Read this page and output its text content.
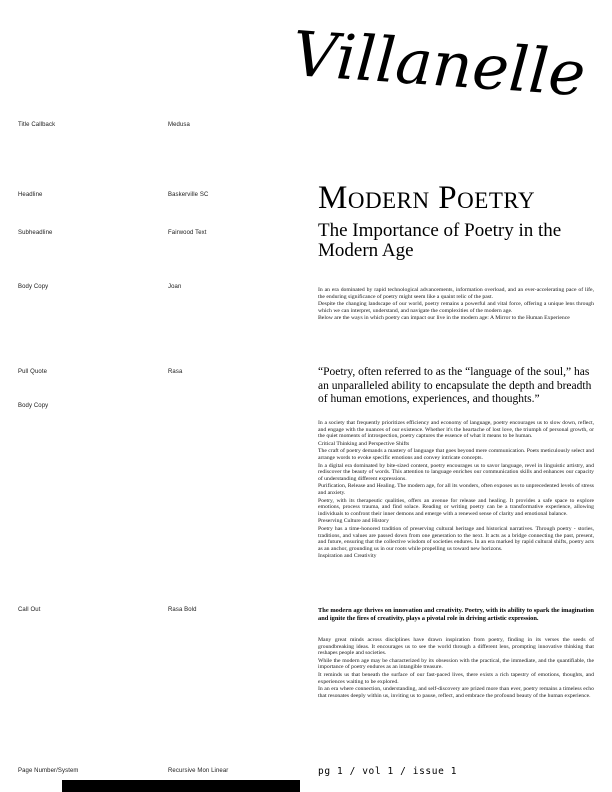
Villanelle
Title Callback	Medusa
Headline	Baskerville SC
Subheadline	Fairwood Text
Body Copy	Joan
Pull Quote	Rasa
Body Copy
Call Out	Rasa Bold
Page Number/System	Recursive Mon Linear
Modern Poetry
The Importance of Poetry in the Modern Age

In an era dominated by rapid technological advancements, information overload, and an ever-accelerating pace of life, the enduring significance of poetry might seem like a quaint relic of the past.

Despite the changing landscape of our world, poetry remains a powerful and vital force, offering a unique lens through which we can interpret, understand, and navigate the complexities of the modern age.

Below are the ways in which poetry can impact our live in the modern age: A Mirror to the Human Experience

“Poetry, often referred to as the “language of the soul,” has an unparalleled ability to encapsulate the depth and breadth of human emotions, experiences, and thoughts.”

In a society that frequently prioritizes efficiency and economy of language, poetry encourages us to slow down, reflect, and engage with the nuances of our existence. Whether it's the heartache of lost love, the triumph of personal growth, or the quiet moments of introspection, poetry captures the essence of what it means to be human.

Critical Thinking and Perspective Shifts

The craft of poetry demands a mastery of language that goes beyond mere communication. Poets meticulously select and arrange words to evoke specific emotions and convey intricate concepts.

In a digital era dominated by bite-sized content, poetry encourages us to savor language, revel in linguistic artistry, and rediscover the beauty of words. This attention to language enriches our communication skills and enhances our capacity of understanding different expressions.

Purification, Release and Healing. The modern age, for all its wonders, often exposes us to unprecedented levels of stress and anxiety.

Poetry, with its therapeutic qualities, offers an avenue for release and healing. It provides a safe space to explore emotions, process trauma, and find solace. Reading or writing poetry can be a transformative experience, allowing individuals to confront their inner demons and emerge with a renewed sense of clarity and emotional balance.

Preserving Culture and History

Poetry has a time-honored tradition of preserving cultural heritage and historical narratives. Through poetry - stories, traditions, and values are passed down from one generation to the next. It acts as a bridge connecting the past, present, and future, ensuring that the collective wisdom of societies endures. In an era marked by rapid cultural shifts, poetry acts as an anchor, grounding us in our roots while propelling us toward new horizons.

Inspiration and Creativity

The modern age thrives on innovation and creativity. Poetry, with its ability to spark the imagination and ignite the fires of creativity, plays a pivotal role in driving artistic expression.

Many great minds across disciplines have drawn inspiration from poetry, finding in its verses the seeds of groundbreaking ideas. It encourages us to see the world through a different lens, prompting innovative thinking that reshapes people and societies.

While the modern age may be characterized by its obsession with the practical, the immediate, and the quantifiable, the importance of poetry endures as an intangible treasure.

It reminds us that beneath the surface of our fast-paced lives, there exists a rich tapestry of emotions, thoughts, and experiences waiting to be explored.

In an era where connection, understanding, and self-discovery are prized more than ever, poetry remains a timeless echo that resonates deeply within us, inviting us to pause, reflect, and embrace the profound beauty of the human experience.

pg 1 / vol 1 / issue 1
